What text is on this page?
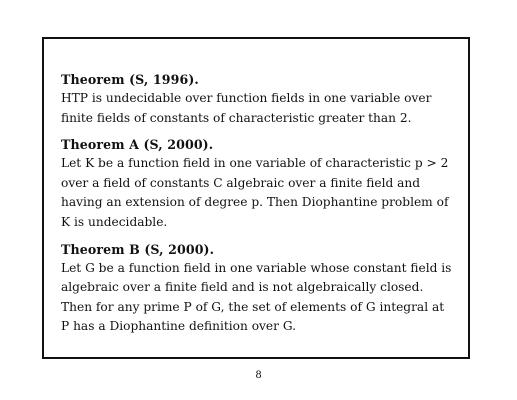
Theorem (S, 1996).
HTP is undecidable over function fields in one variable over finite fields of constants of characteristic greater than 2.
Theorem A (S, 2000).
Let K be a function field in one variable of characteristic p > 2 over a field of constants C algebraic over a finite field and having an extension of degree p. Then Diophantine problem of K is undecidable.
Theorem B (S, 2000).
Let G be a function field in one variable whose constant field is algebraic over a finite field and is not algebraically closed. Then for any prime P of G, the set of elements of G integral at P has a Diophantine definition over G.
8
